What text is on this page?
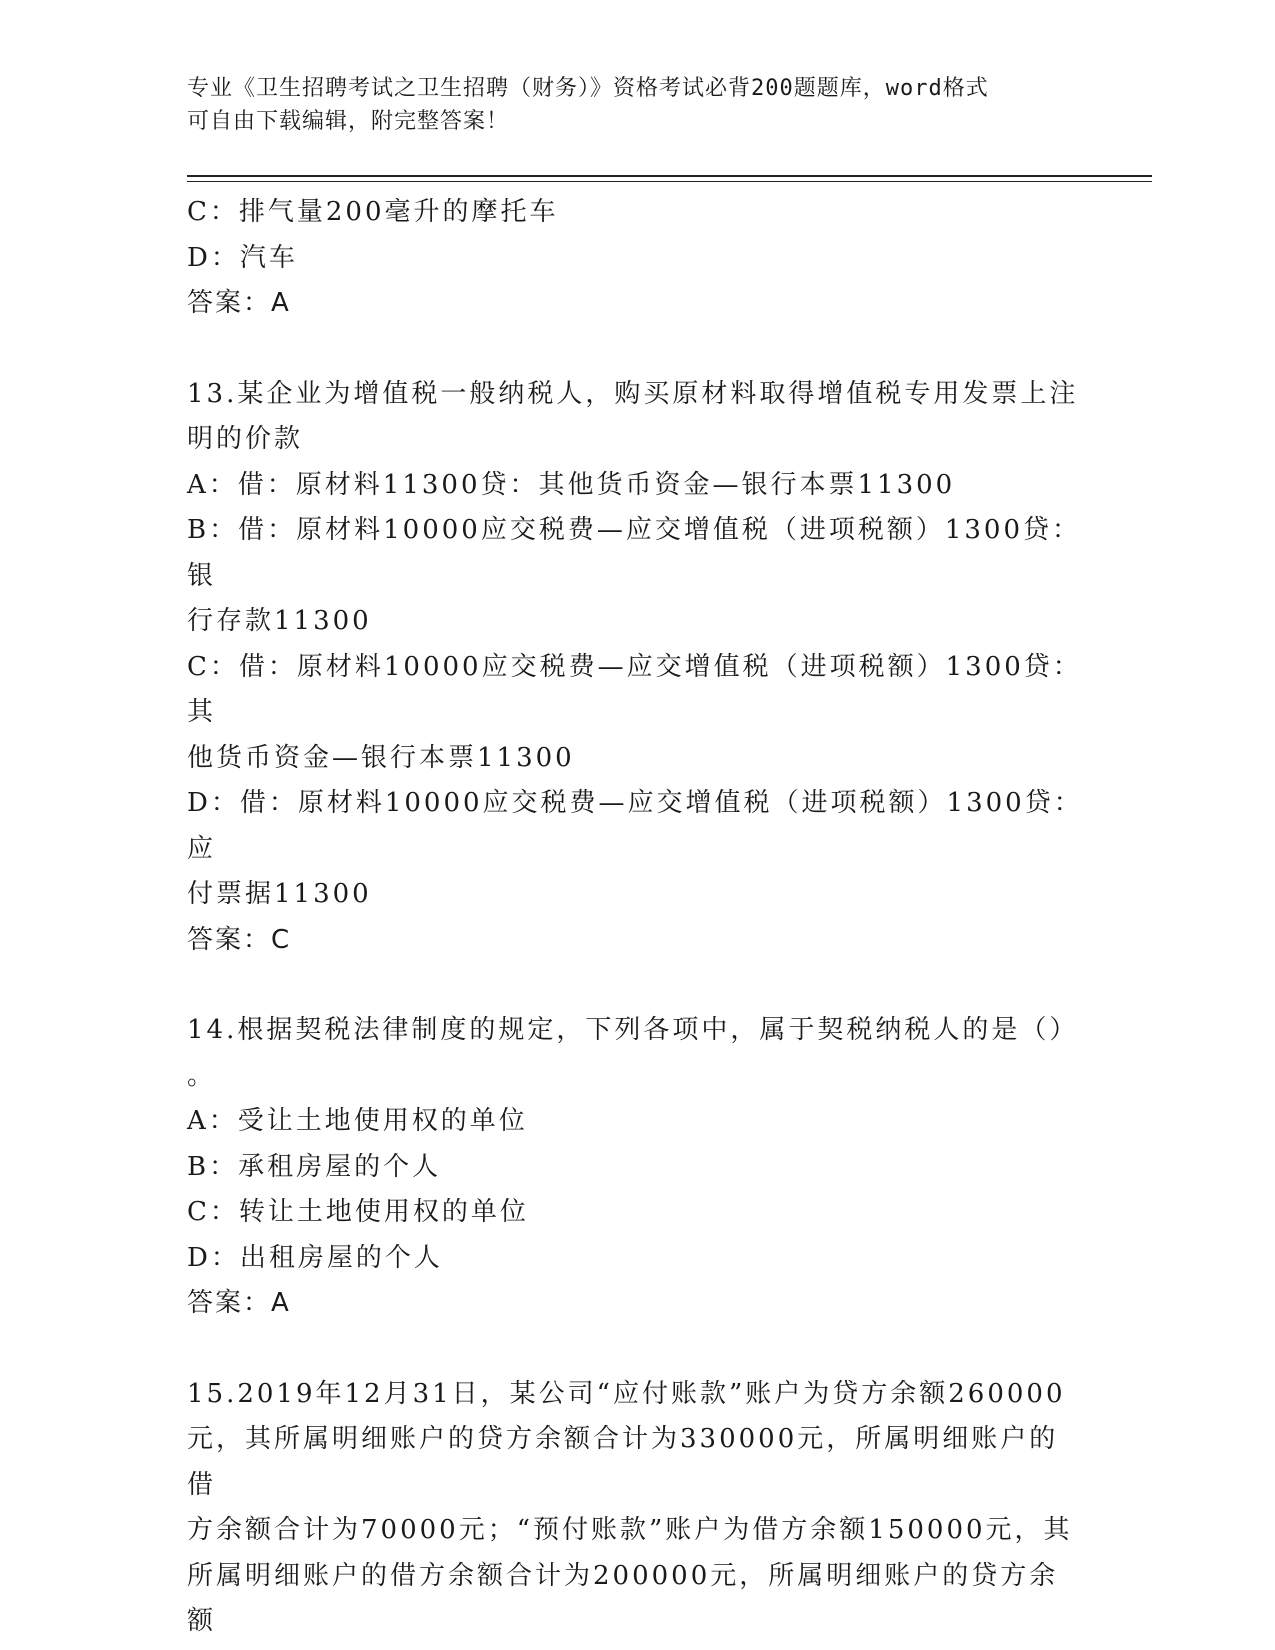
专业《卫生招聘考试之卫生招聘（财务）》资格考试必背200题题库，word格式
可自由下载编辑，附完整答案！
C：排气量200毫升的摩托车
D：汽车
答案：A
13.某企业为增值税一般纳税人，购买原材料取得增值税专用发票上注
明的价款
A：借：原材料11300贷：其他货币资金—银行本票11300
B：借：原材料10000应交税费—应交增值税（进项税额）1300贷：银
行存款11300
C：借：原材料10000应交税费—应交增值税（进项税额）1300贷：其
他货币资金—银行本票11300
D：借：原材料10000应交税费—应交增值税（进项税额）1300贷：应
付票据11300
答案：C
14.根据契税法律制度的规定，下列各项中，属于契税纳税人的是（）
。
A：受让土地使用权的单位
B：承租房屋的个人
C：转让土地使用权的单位
D：出租房屋的个人
答案：A
15.2019年12月31日，某公司“应付账款”账户为贷方余额260000
元，其所属明细账户的贷方余额合计为330000元，所属明细账户的借
方余额合计为70000元；“预付账款”账户为借方余额150000元，其
所属明细账户的借方余额合计为200000元，所属明细账户的贷方余额
